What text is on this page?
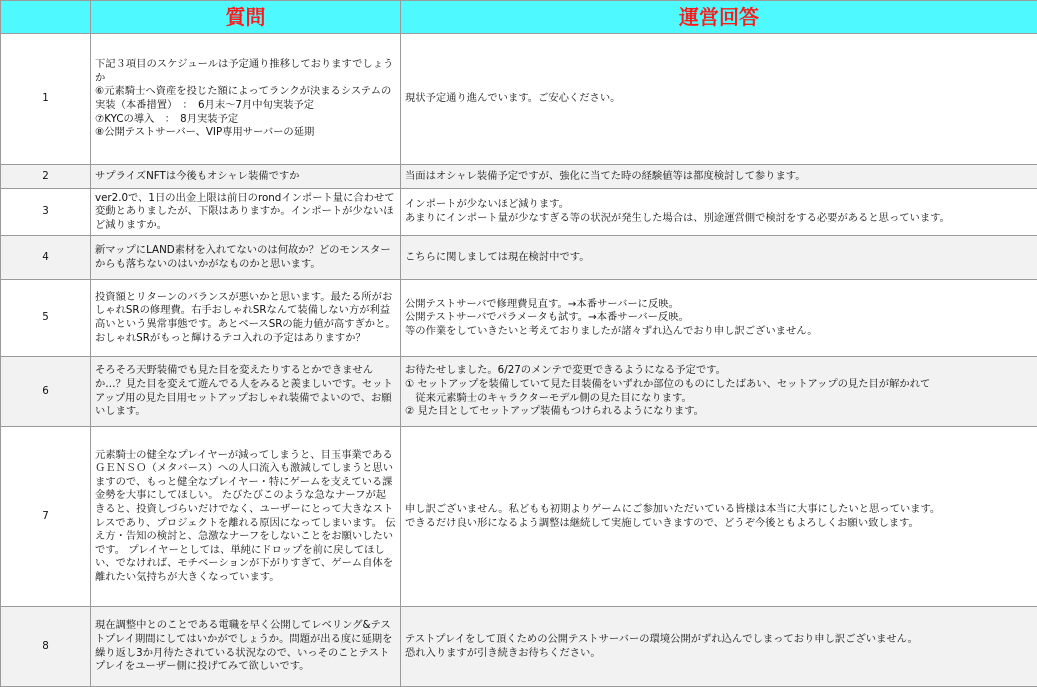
	質問	運営回答
1	下記３項目のスケジュールは予定通り推移しておりますでしょうか
⑥元素騎士へ資産を投じた額によってランクが決まるシステムの実装（本番措置）　：　6月末〜7月中旬実装予定
⑦KYCの導入　：　8月実装予定
⑧公開テストサーバー、VIP専用サーバーの延期	現状予定通り進んでいます。ご安心ください。

2	サプライズNFTは今後もオシャレ装備ですか	当面はオシャレ装備予定ですが、強化に当てた時の経験値等は都度検討して参ります。

3	ver2.0で、1日の出金上限は前日のrondインポート量に合わせて変動とありましたが、下限はありますか。インポートが少ないほど減りますか。	インポートが少ないほど減ります。
あまりにインポート量が少なすぎる等の状況が発生した場合は、別途運営側で検討をする必要があると思っています。

4	新マップにLAND素材を入れてないのは何故か？どのモンスターからも落ちないのはいかがなものかと思います。	こちらに関しましては現在検討中です。

5	投資額とリターンのバランスが悪いかと思います。最たる所がおしゃれSRの修理費。右手おしゃれSRなんて装備しない方が利益高いという異常事態です。あとベースSRの能力値が高すぎかと。おしゃれSRがもっと輝けるテコ入れの予定はありますか？	公開テストサーバで修理費見直す。→本番サーバーに反映。
公開テストサーバでパラメータも試す。→本番サーバー反映。
等の作業をしていきたいと考えておりましたが諸々ずれ込んでおり申し訳ございません。

6	そろそろ天野装備でも見た目を変えたりするとかできませんか…？見た目を変えて遊んでる人をみると羨ましいです。セットアップ用の見た目用セットアップおしゃれ装備でよいので、お願いします。	お待たせしました。6/27のメンテで変更できるようになる予定です。
① セットアップを装備していて見た目装備をいずれか部位のものにしたばあい、セットアップの見た目が解かれて
　従来元素騎士のキャラクターモデル側の見た目になります。
② 見た目としてセットアップ装備もつけられるようになります。

7	元素騎士の健全なプレイヤーが減ってしまうと、目玉事業であるＧＥＮＳＯ（メタバース）への人口流入も激減してしまうと思いますので、もっと健全なプレイヤー・特にゲームを支えている課金勢を大事にしてほしい。 たびたびこのような急なナーフが起きると、投資しづらいだけでなく、ユーザーにとって大きなストレスであり、プロジェクトを離れる原因になってしまいます。 伝え方・告知の検討と、急激なナーフをしないことをお願いしたいです。 プレイヤーとしては、単純にドロップを前に戻してほしい、でなければ、モチベーションが下がりすぎて、ゲーム自体を離れたい気持ちが大きくなっています。	申し訳ございません。私どもも初期よりゲームにご参加いただいている皆様は本当に大事にしたいと思っています。
できるだけ良い形になるよう調整は継続して実施していきますので、どうぞ今後ともよろしくお願い致します。

8	現在調整中とのことである電職を早く公開してレベリング&テストプレイ期間にしてはいかがでしょうか。問題が出る度に延期を繰り返し3か月待たされている状況なので、いっそのことテストプレイをユーザー側に投げてみて欲しいです。	テストプレイをして頂くための公開テストサーバーの環境公開がずれ込んでしまっており申し訳ございません。
恐れ入りますが引き続きお待ちください。
